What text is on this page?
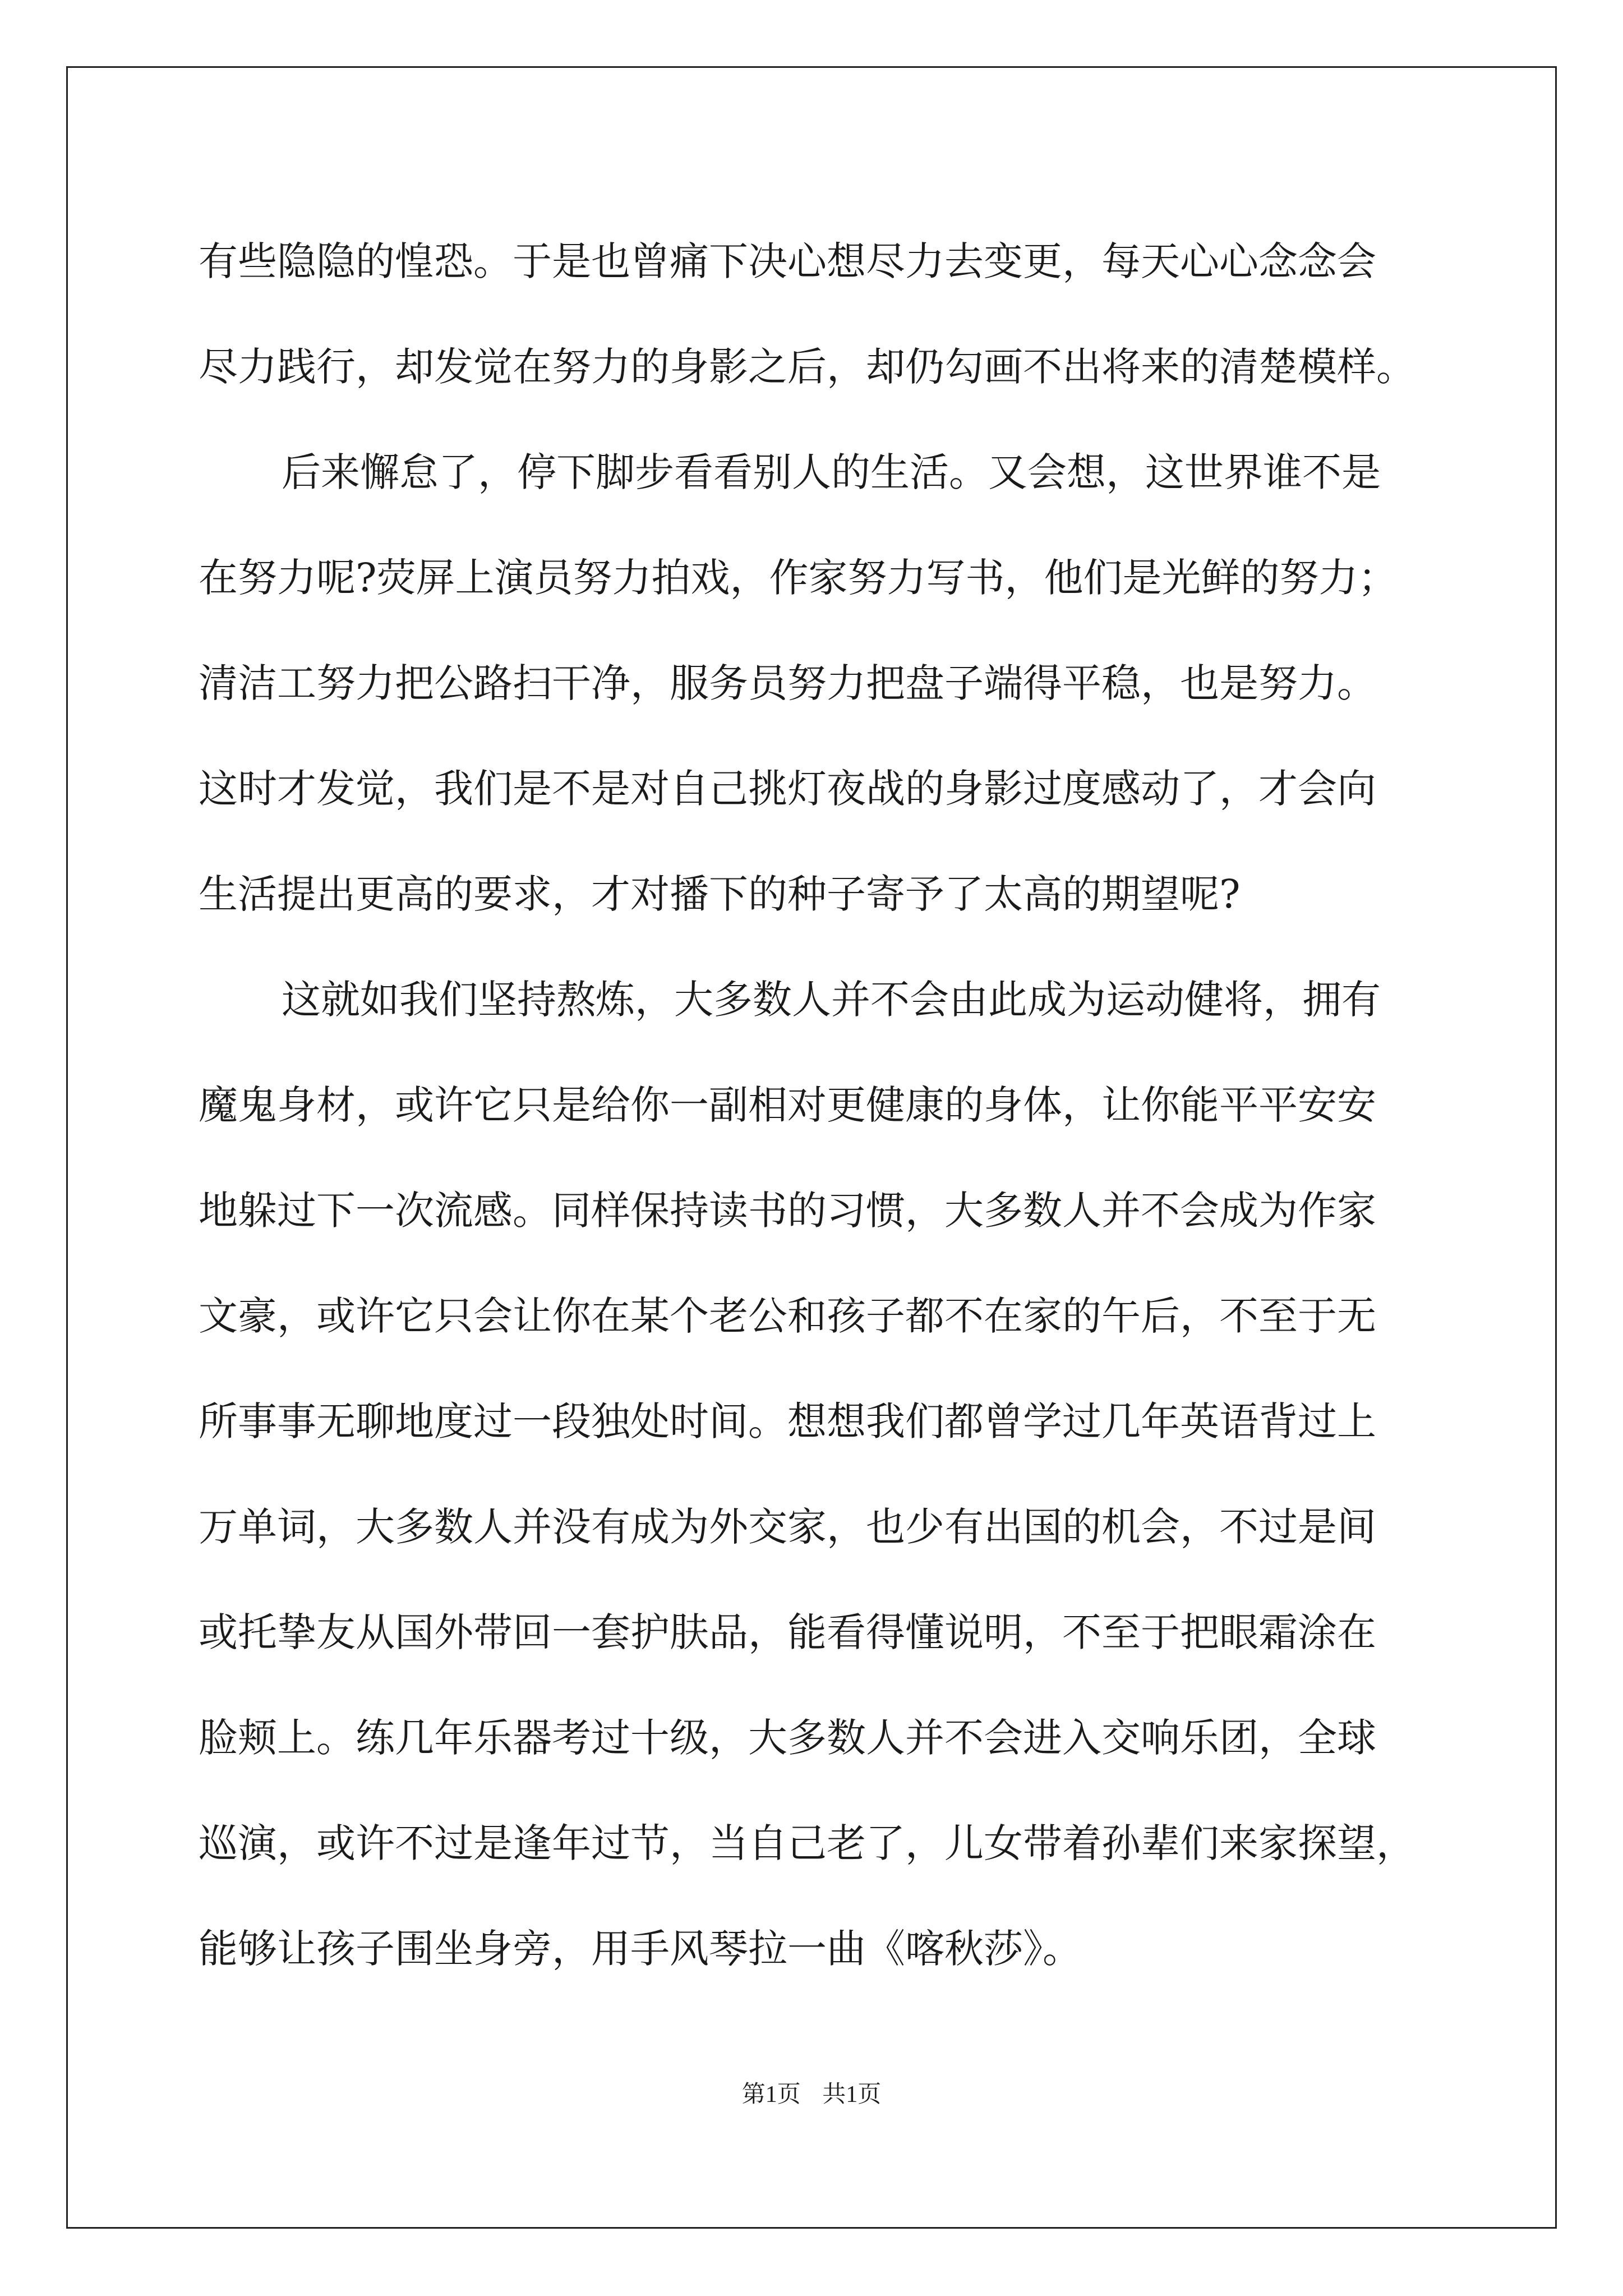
有些隐隐的惶恐。于是也曾痛下决心想尽力去变更，每天心心念念会

尽力践行，却发觉在努力的身影之后，却仍勾画不出将来的清楚模样。

后来懈怠了，停下脚步看看别人的生活。又会想，这世界谁不是

在努力呢?荧屏上演员努力拍戏，作家努力写书，他们是光鲜的努力；

清洁工努力把公路扫干净，服务员努力把盘子端得平稳，也是努力。

这时才发觉，我们是不是对自己挑灯夜战的身影过度感动了，才会向

生活提出更高的要求，才对播下的种子寄予了太高的期望呢?

这就如我们坚持熬炼，大多数人并不会由此成为运动健将，拥有

魔鬼身材，或许它只是给你一副相对更健康的身体，让你能平平安安

地躲过下一次流感。同样保持读书的习惯，大多数人并不会成为作家

文豪，或许它只会让你在某个老公和孩子都不在家的午后，不至于无

所事事无聊地度过一段独处时间。想想我们都曾学过几年英语背过上

万单词，大多数人并没有成为外交家，也少有出国的机会，不过是间

或托挚友从国外带回一套护肤品，能看得懂说明，不至于把眼霜涂在

脸颊上。练几年乐器考过十级，大多数人并不会进入交响乐团，全球

巡演，或许不过是逢年过节，当自己老了，儿女带着孙辈们来家探望，

能够让孩子围坐身旁，用手风琴拉一曲《喀秋莎》。

第1页 共1页
